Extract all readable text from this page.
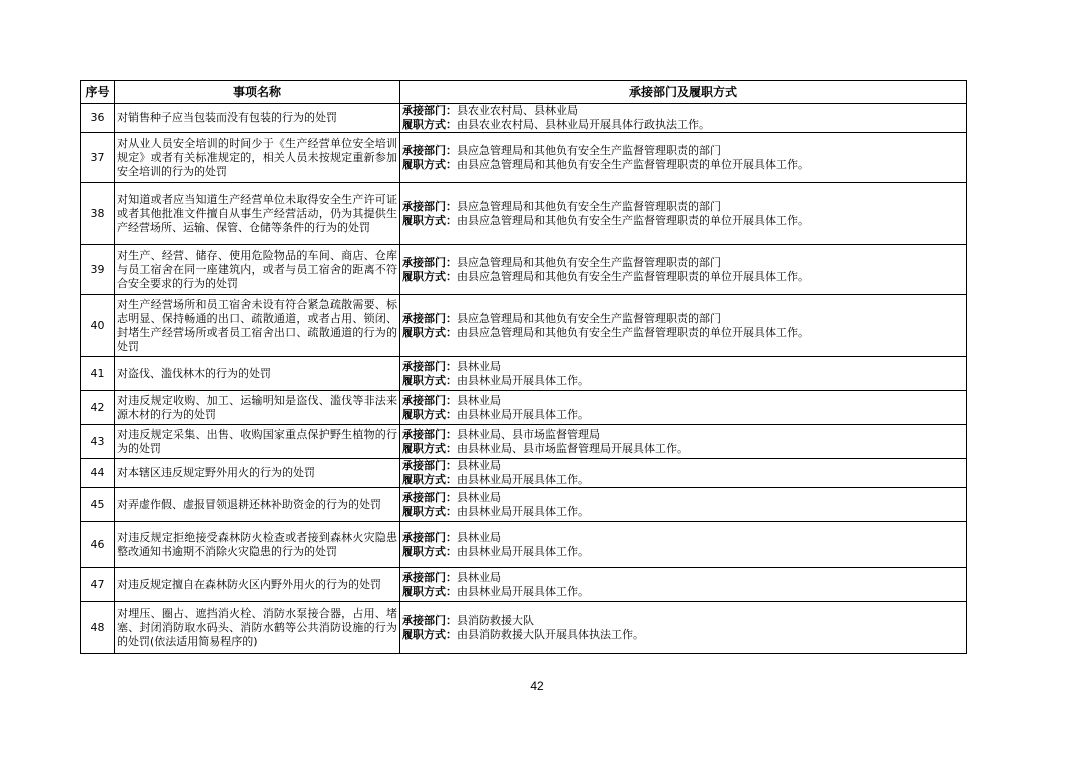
序号	事项名称	承接部门及履职方式
36	对销售种子应当包装而没有包装的行为的处罚	承接部门：县农业农村局、县林业局
履职方式：由县农业农村局、县林业局开展具体行政执法工作。

37	对从业人员安全培训的时间少于《生产经营单位安全培训规定》或者有关标准规定的，相关人员未按规定重新参加安全培训的行为的处罚	承接部门：县应急管理局和其他负有安全生产监督管理职责的部门
履职方式：由县应急管理局和其他负有安全生产监督管理职责的单位开展具体工作。

38	对知道或者应当知道生产经营单位未取得安全生产许可证或者其他批准文件擅自从事生产经营活动，仍为其提供生产经营场所、运输、保管、仓储等条件的行为的处罚	承接部门：县应急管理局和其他负有安全生产监督管理职责的部门
履职方式：由县应急管理局和其他负有安全生产监督管理职责的单位开展具体工作。

39	对生产、经营、储存、使用危险物品的车间、商店、仓库与员工宿舍在同一座建筑内，或者与员工宿舍的距离不符合安全要求的行为的处罚	承接部门：县应急管理局和其他负有安全生产监督管理职责的部门
履职方式：由县应急管理局和其他负有安全生产监督管理职责的单位开展具体工作。

40	对生产经营场所和员工宿舍未设有符合紧急疏散需要、标志明显、保持畅通的出口、疏散通道，或者占用、锁闭、封堵生产经营场所或者员工宿舍出口、疏散通道的行为的处罚	承接部门：县应急管理局和其他负有安全生产监督管理职责的部门
履职方式：由县应急管理局和其他负有安全生产监督管理职责的单位开展具体工作。

41	对盗伐、滥伐林木的行为的处罚	承接部门：县林业局
履职方式：由县林业局开展具体工作。

42	对违反规定收购、加工、运输明知是盗伐、滥伐等非法来源木材的行为的处罚	承接部门：县林业局
履职方式：由县林业局开展具体工作。

43	对违反规定采集、出售、收购国家重点保护野生植物的行为的处罚	承接部门：县林业局、县市场监督管理局
履职方式：由县林业局、县市场监督管理局开展具体工作。

44	对本辖区违反规定野外用火的行为的处罚	承接部门：县林业局
履职方式：由县林业局开展具体工作。

45	对弄虚作假、虚报冒领退耕还林补助资金的行为的处罚	承接部门：县林业局
履职方式：由县林业局开展具体工作。

46	对违反规定拒绝接受森林防火检查或者接到森林火灾隐患整改通知书逾期不消除火灾隐患的行为的处罚	承接部门：县林业局
履职方式：由县林业局开展具体工作。

47	对违反规定擅自在森林防火区内野外用火的行为的处罚	承接部门：县林业局
履职方式：由县林业局开展具体工作。

48	对埋压、圈占、遮挡消火栓、消防水泵接合器，占用、堵塞、封闭消防取水码头、消防水鹤等公共消防设施的行为的处罚(依法适用简易程序的)	承接部门：县消防救援大队
履职方式：由县消防救援大队开展具体执法工作。
42
